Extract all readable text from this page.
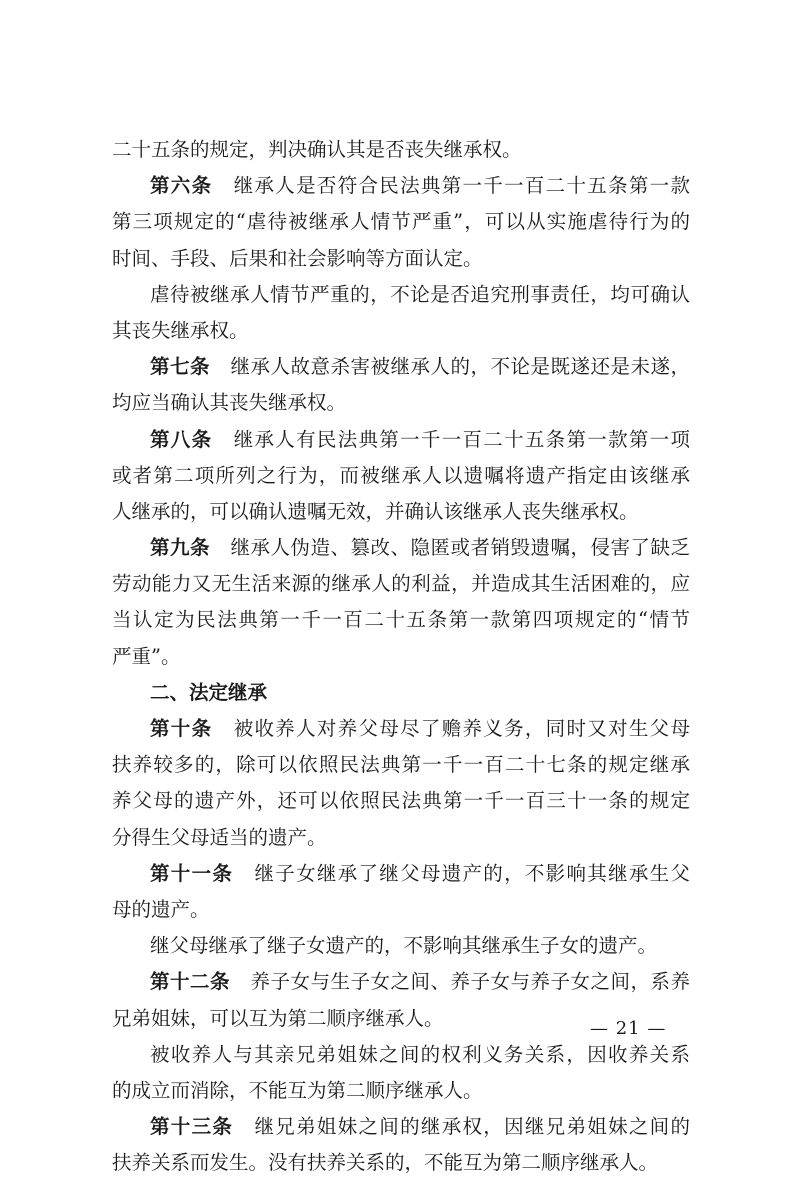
二十五条的规定，判决确认其是否丧失继承权。
第六条 继承人是否符合民法典第一千一百二十五条第一款
第三项规定的“虐待被继承人情节严重”，可以从实施虐待行为的
时间、手段、后果和社会影响等方面认定。
虐待被继承人情节严重的，不论是否追究刑事责任，均可确认
其丧失继承权。
第七条 继承人故意杀害被继承人的，不论是既遂还是未遂，
均应当确认其丧失继承权。
第八条 继承人有民法典第一千一百二十五条第一款第一项
或者第二项所列之行为，而被继承人以遗嘱将遗产指定由该继承
人继承的，可以确认遗嘱无效，并确认该继承人丧失继承权。
第九条 继承人伪造、篡改、隐匿或者销毁遗嘱，侵害了缺乏
劳动能力又无生活来源的继承人的利益，并造成其生活困难的，应
当认定为民法典第一千一百二十五条第一款第四项规定的“情节
严重”。
二、法定继承
第十条 被收养人对养父母尽了赡养义务，同时又对生父母
扶养较多的，除可以依照民法典第一千一百二十七条的规定继承
养父母的遗产外，还可以依照民法典第一千一百三十一条的规定
分得生父母适当的遗产。
第十一条 继子女继承了继父母遗产的，不影响其继承生父
母的遗产。
继父母继承了继子女遗产的，不影响其继承生子女的遗产。
第十二条 养子女与生子女之间、养子女与养子女之间，系养
兄弟姐妹，可以互为第二顺序继承人。
被收养人与其亲兄弟姐妹之间的权利义务关系，因收养关系
的成立而消除，不能互为第二顺序继承人。
第十三条 继兄弟姐妹之间的继承权，因继兄弟姐妹之间的
扶养关系而发生。没有扶养关系的，不能互为第二顺序继承人。
— 21 —
